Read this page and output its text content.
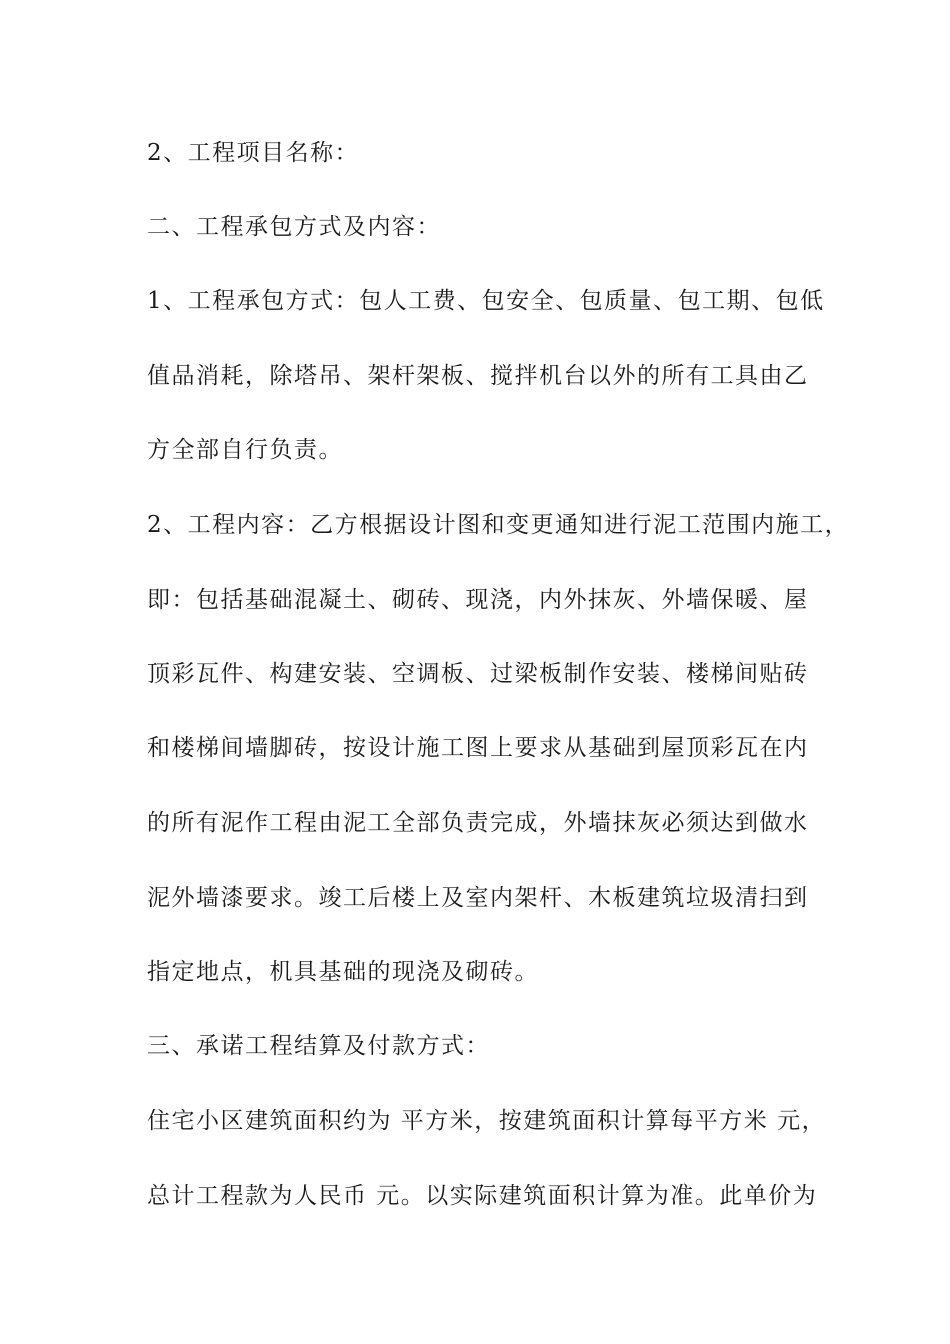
2、工程项目名称：
二、工程承包方式及内容：
1、工程承包方式：包人工费、包安全、包质量、包工期、包低
值品消耗，除塔吊、架杆架板、搅拌机台以外的所有工具由乙
方全部自行负责。
2、工程内容：乙方根据设计图和变更通知进行泥工范围内施工，
即：包括基础混凝土、砌砖、现浇，内外抹灰、外墙保暖、屋
顶彩瓦件、构建安装、空调板、过梁板制作安装、楼梯间贴砖
和楼梯间墙脚砖，按设计施工图上要求从基础到屋顶彩瓦在内
的所有泥作工程由泥工全部负责完成，外墙抹灰必须达到做水
泥外墙漆要求。竣工后楼上及室内架杆、木板建筑垃圾清扫到
指定地点，机具基础的现浇及砌砖。
三、承诺工程结算及付款方式：
住宅小区建筑面积约为 平方米，按建筑面积计算每平方米 元，
总计工程款为人民币 元。以实际建筑面积计算为准。此单价为
